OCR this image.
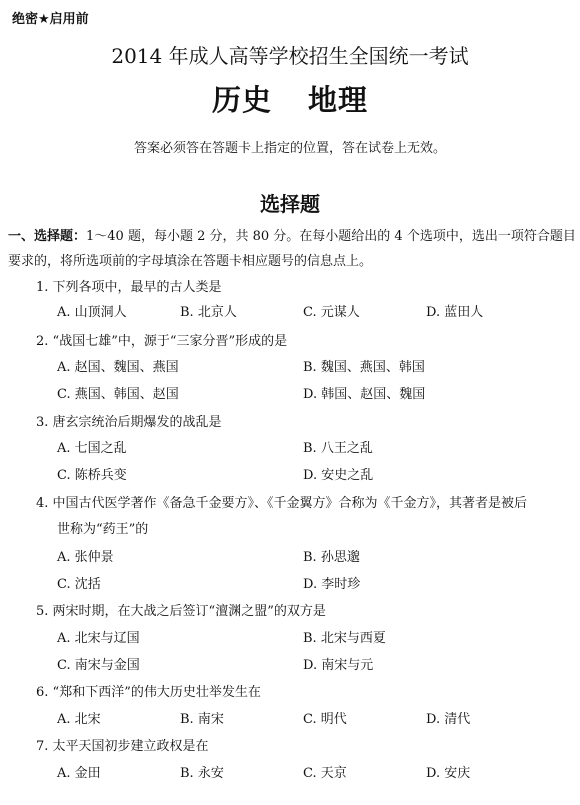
绝密★启用前
2014 年成人高等学校招生全国统一考试
历史 地理
答案必须答在答题卡上指定的位置，答在试卷上无效。
选择题
一、选择题：1～40 题，每小题 2 分，共 80 分。在每小题给出的 4 个选项中，选出一项符合题目要求的，将所选项前的字母填涂在答题卡相应题号的信息点上。
1. 下列各项中，最早的古人类是
A. 山顶洞人	B. 北京人	C. 元谋人	D. 蓝田人
2. “战国七雄”中，源于“三家分晋”形成的是
A. 赵国、魏国、燕国	B. 魏国、燕国、韩国
C. 燕国、韩国、赵国	D. 韩国、赵国、魏国
3. 唐玄宗统治后期爆发的战乱是
A. 七国之乱	B. 八王之乱
C. 陈桥兵变	D. 安史之乱
4. 中国古代医学著作《备急千金要方》、《千金翼方》合称为《千金方》，其著者是被后
世称为“药王”的
A. 张仲景	B. 孙思邈
C. 沈括	D. 李时珍
5. 两宋时期，在大战之后签订“澶渊之盟”的双方是
A. 北宋与辽国	B. 北宋与西夏
C. 南宋与金国	D. 南宋与元
6. “郑和下西洋”的伟大历史壮举发生在
A. 北宋	B. 南宋	C. 明代	D. 清代
7. 太平天国初步建立政权是在
A. 金田	B. 永安	C. 天京	D. 安庆
